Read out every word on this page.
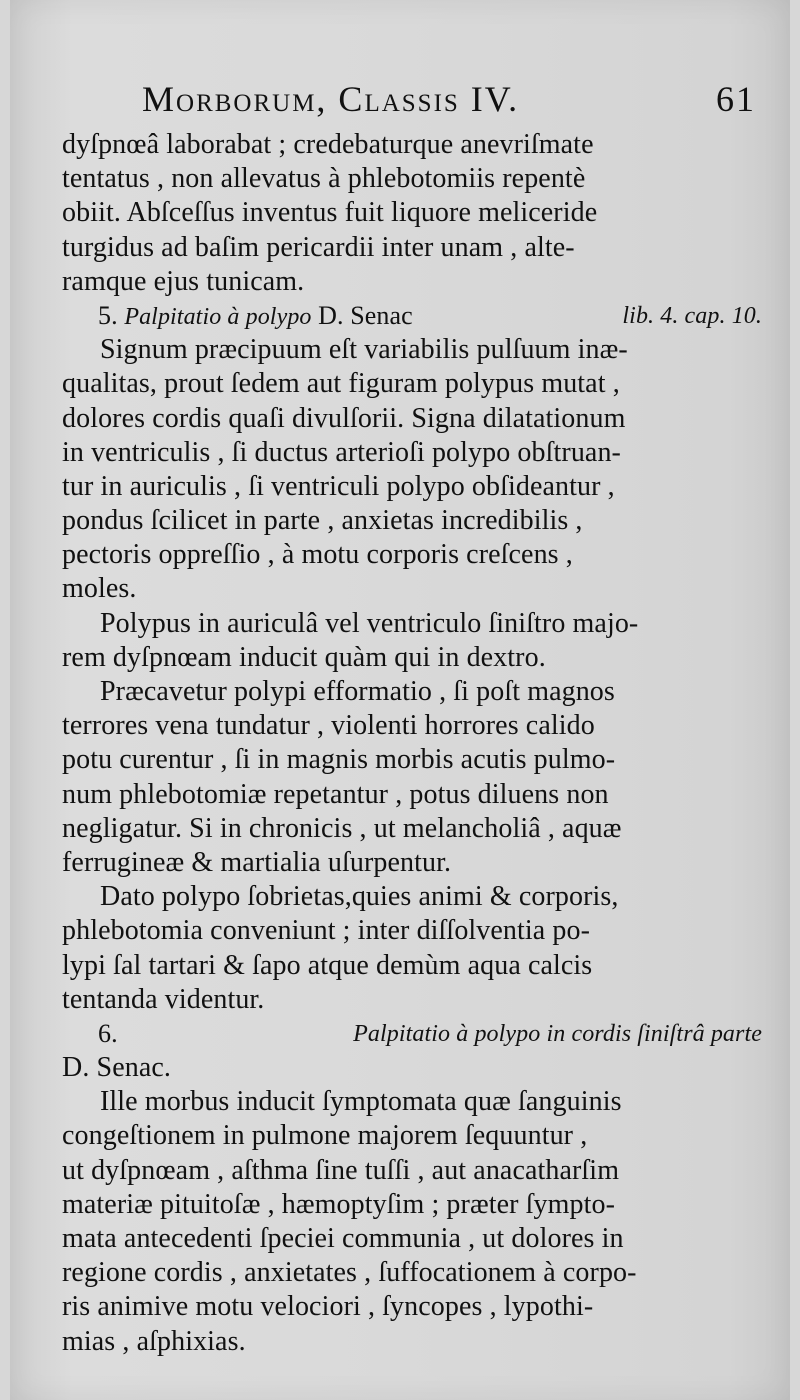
Morborum, Classis IV.	61
dyſpnœâ laborabat ; credebaturque anevriſmate
tentatus , non allevatus à phlebotomiis repentè
obiit. Abſceſſus inventus fuit liquore meliceride
turgidus ad baſim pericardii inter unam , alte-
ramque ejus tunicam.
5. Palpitatio à polypo D. Senac	lib. 4. cap. 10.
Signum præcipuum eſt variabilis pulſuum inæ-
qualitas, prout ſedem aut figuram polypus mutat ,
dolores cordis quaſi divulſorii. Signa dilatationum
in ventriculis , ſi ductus arterioſi polypo obſtruan-
tur in auriculis , ſi ventriculi polypo obſideantur ,
pondus ſcilicet in parte , anxietas incredibilis ,
pectoris oppreſſio , à motu corporis creſcens ,
moles.
Polypus in auriculâ vel ventriculo ſiniſtro majo-
rem dyſpnœam inducit quàm qui in dextro.
Præcavetur polypi efformatio , ſi poſt magnos
terrores vena tundatur , violenti horrores calido
potu curentur , ſi in magnis morbis acutis pulmo-
num phlebotomiæ repetantur , potus diluens non
negligatur. Si in chronicis , ut melancholiâ , aquæ
ferrugineæ & martialia uſurpentur.
Dato polypo ſobrietas,quies animi & corporis,
phlebotomia conveniunt ; inter diſſolventia po-
lypi ſal tartari & ſapo atque demùm aqua calcis
tentanda videntur.
6.	Palpitatio à polypo in cordis ſiniſtrâ parte
D. Senac.
Ille morbus inducit ſymptomata quæ ſanguinis
congeſtionem in pulmone majorem ſequuntur ,
ut dyſpnœam , aſthma ſine tuſſi , aut anacatharſim
materiæ pituitoſæ , hæmoptyſim ; præter ſympto-
mata antecedenti ſpeciei communia , ut dolores in
regione cordis , anxietates , ſuffocationem à corpo-
ris animive motu velociori , ſyncopes , lypothi-
mias , aſphixias.
